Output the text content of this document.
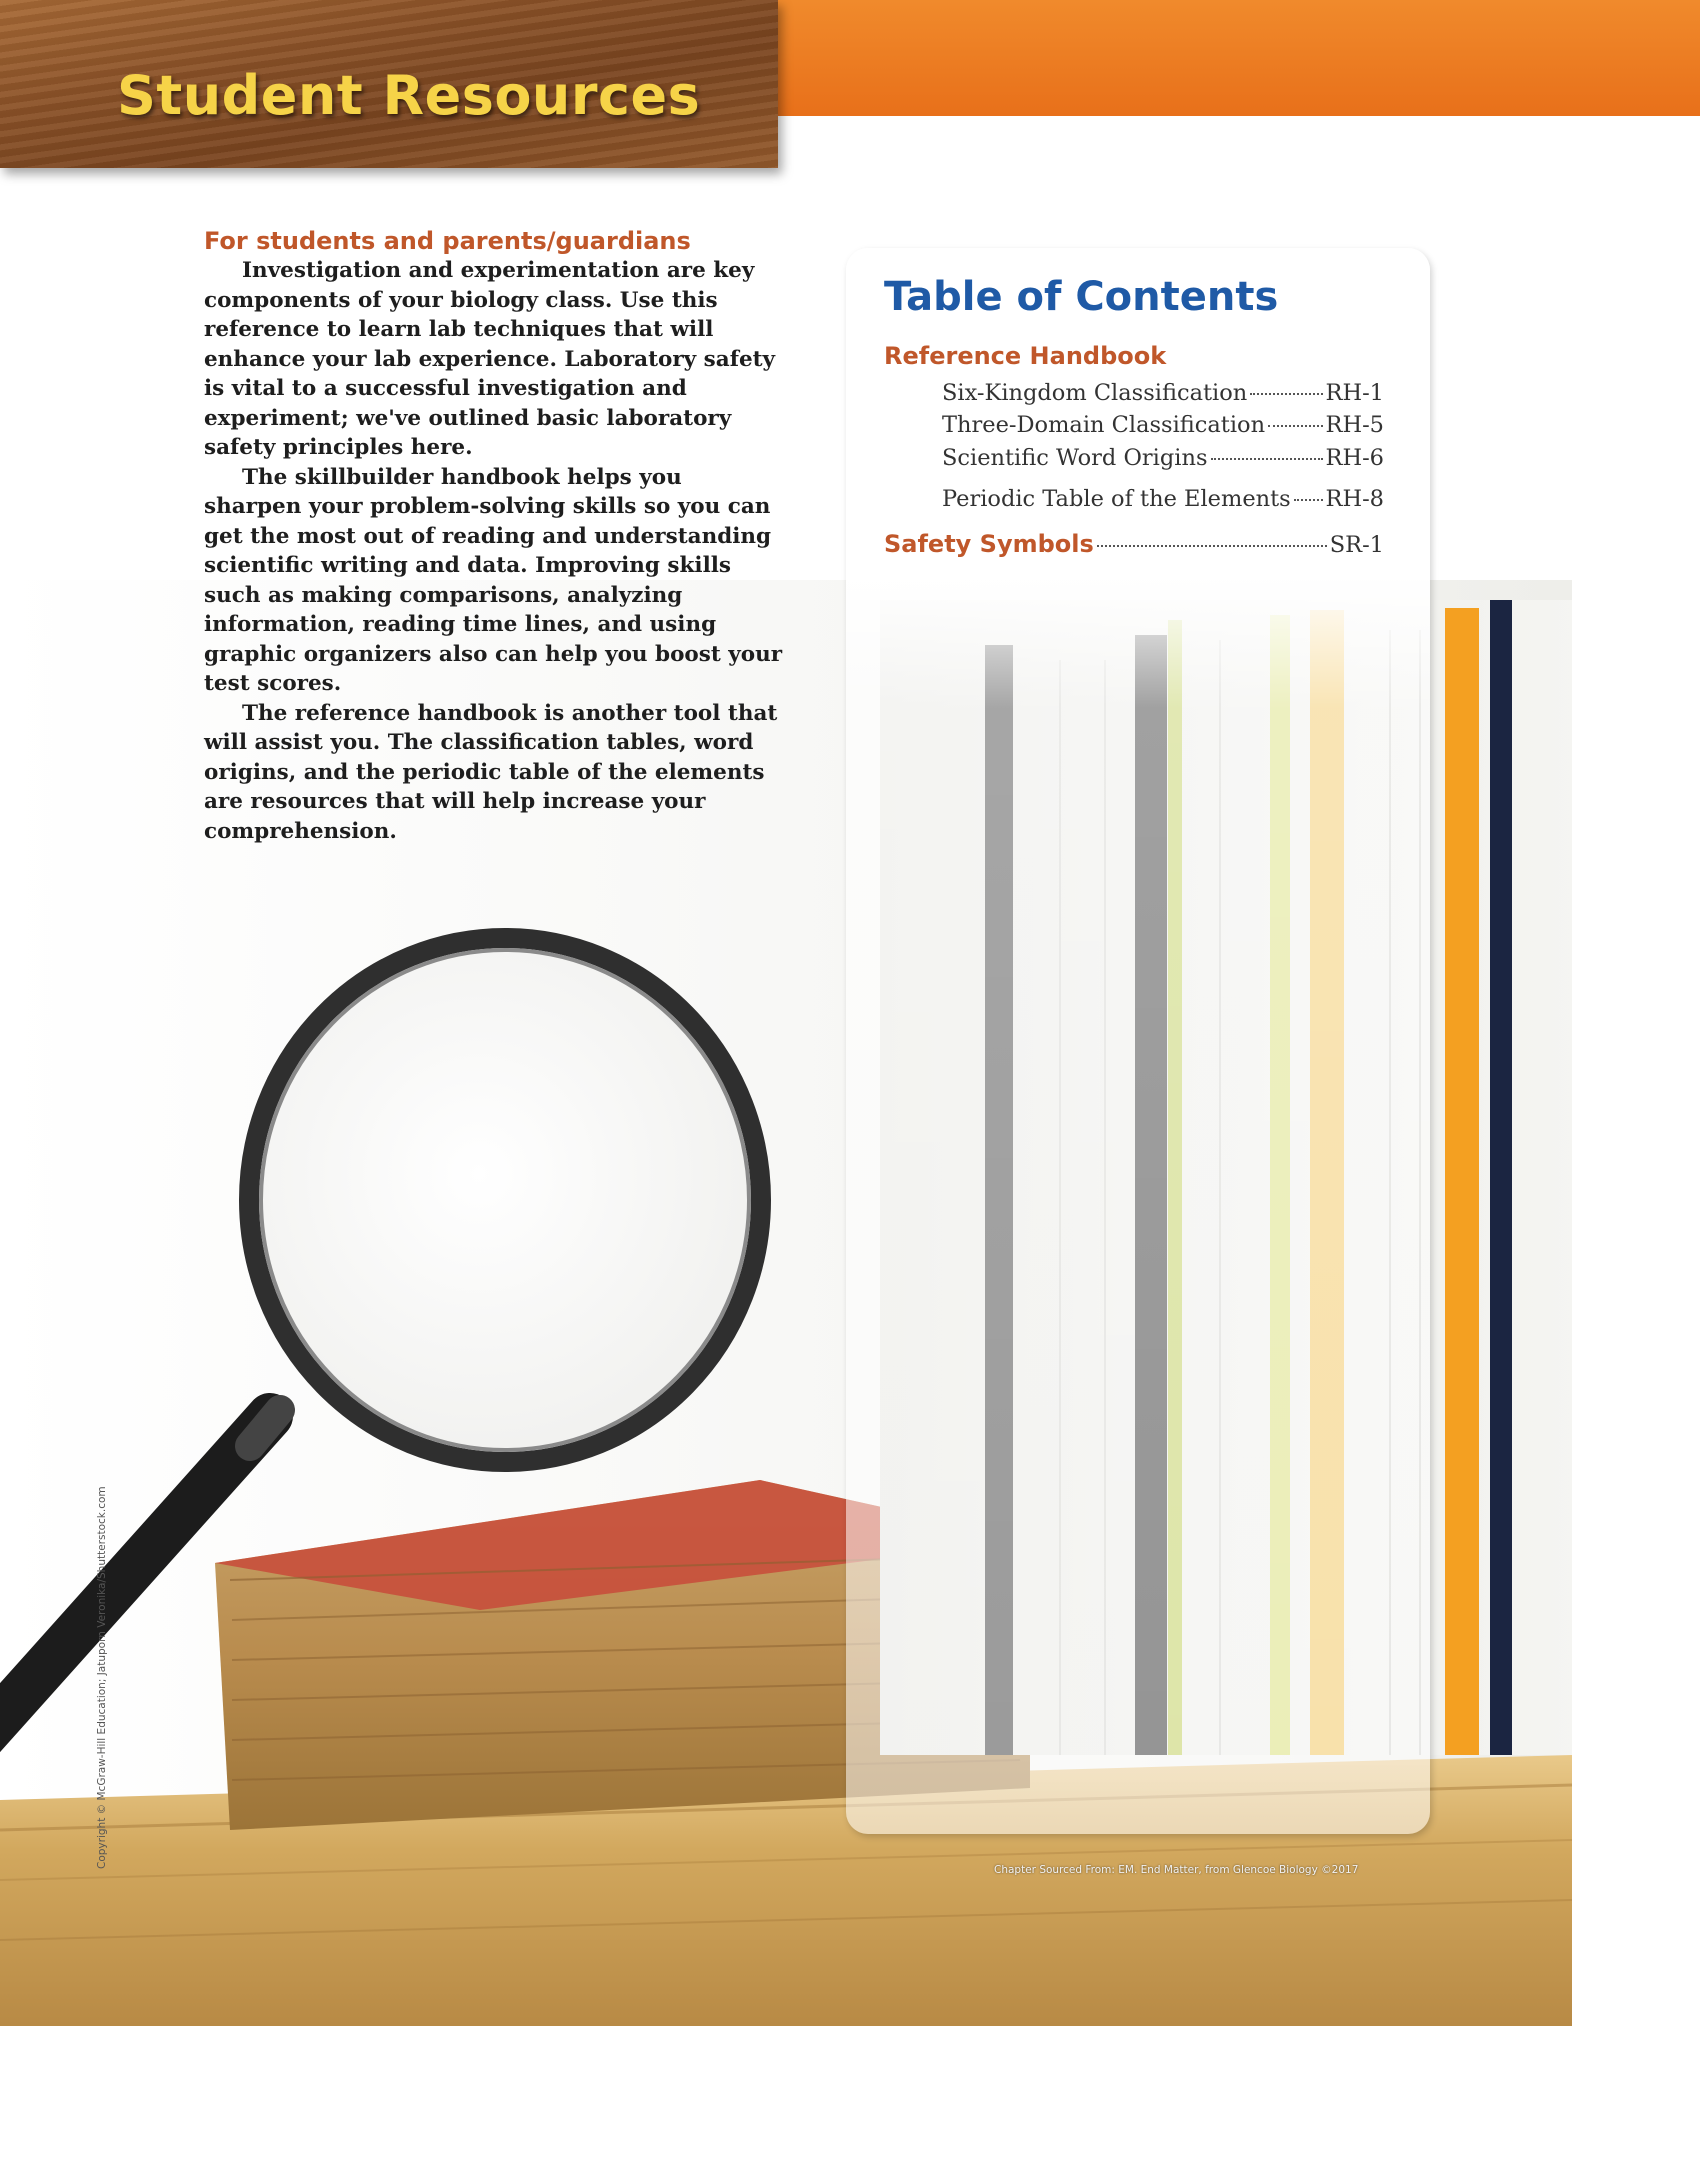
Student Resources
For students and parents/guardians

Investigation and experimentation are key components of your biology class. Use this reference to learn lab techniques that will enhance your lab experience. Laboratory safety is vital to a successful investigation and experiment; we've outlined basic laboratory safety principles here.

The skillbuilder handbook helps you sharpen your problem-solving skills so you can get the most out of reading and understanding scientific writing and data. Improving skills such as making comparisons, analyzing information, reading time lines, and using graphic organizers also can help you boost your test scores.

The reference handbook is another tool that will assist you. The classification tables, word origins, and the periodic table of the elements are resources that will help increase your comprehension.

Table of Contents
Reference Handbook
Six-Kingdom Classification	RH-1
Three-Domain Classification	RH-5
Scientific Word Origins	RH-6
Periodic Table of the Elements RH-8
Safety Symbols	SR-1

Chapter Sourced From: EM. End Matter, from Glencoe Biology ©2017

Copyright © McGraw-Hill Education; Jatuporn Veronika/Shutterstock.com
